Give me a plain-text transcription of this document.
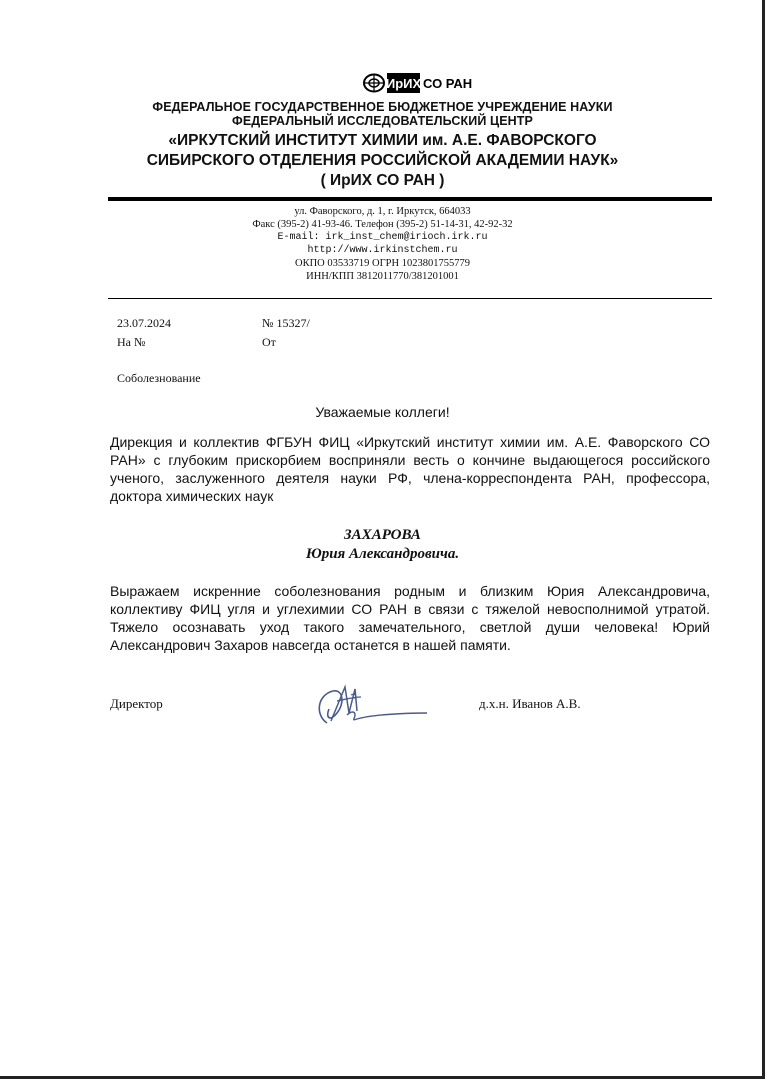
ИрИХ СО РАН
ФЕДЕРАЛЬНОЕ ГОСУДАРСТВЕННОЕ БЮДЖЕТНОЕ УЧРЕЖДЕНИЕ НАУКИ
ФЕДЕРАЛЬНЫЙ ИССЛЕДОВАТЕЛЬСКИЙ ЦЕНТР
«ИРКУТСКИЙ ИНСТИТУТ ХИМИИ им. А.Е. ФАВОРСКОГО
СИБИРСКОГО ОТДЕЛЕНИЯ РОССИЙСКОЙ АКАДЕМИИ НАУК»
( ИрИХ СО РАН )
ул. Фаворского, д. 1, г. Иркутск, 664033
Факс (395-2) 41-93-46. Телефон (395-2) 51-14-31, 42-92-32
E-mail: irk_inst_chem@irioch.irk.ru
http://www.irkinstchem.ru
ОКПО 03533719 ОГРН 1023801755779
ИНН/КПП 3812011770/381201001
23.07.2024	№ 15327/
На №	От
Соболезнование
Уважаемые коллеги!
Дирекция и коллектив ФГБУН ФИЦ «Иркутский институт химии им. А.Е. Фаворского СО РАН» с глубоким прискорбием восприняли весть о кончине выдающегося российского ученого, заслуженного деятеля науки РФ, члена-корреспондента РАН, профессора, доктора химических наук
ЗАХАРОВА
Юрия Александровича.
Выражаем искренние соболезнования родным и близким Юрия Александровича, коллективу ФИЦ угля и углехимии СО РАН в связи с тяжелой невосполнимой утратой. Тяжело осознавать уход такого замечательного, светлой души человека! Юрий Александрович Захаров навсегда останется в нашей памяти.
Директор	д.х.н. Иванов А.В.
